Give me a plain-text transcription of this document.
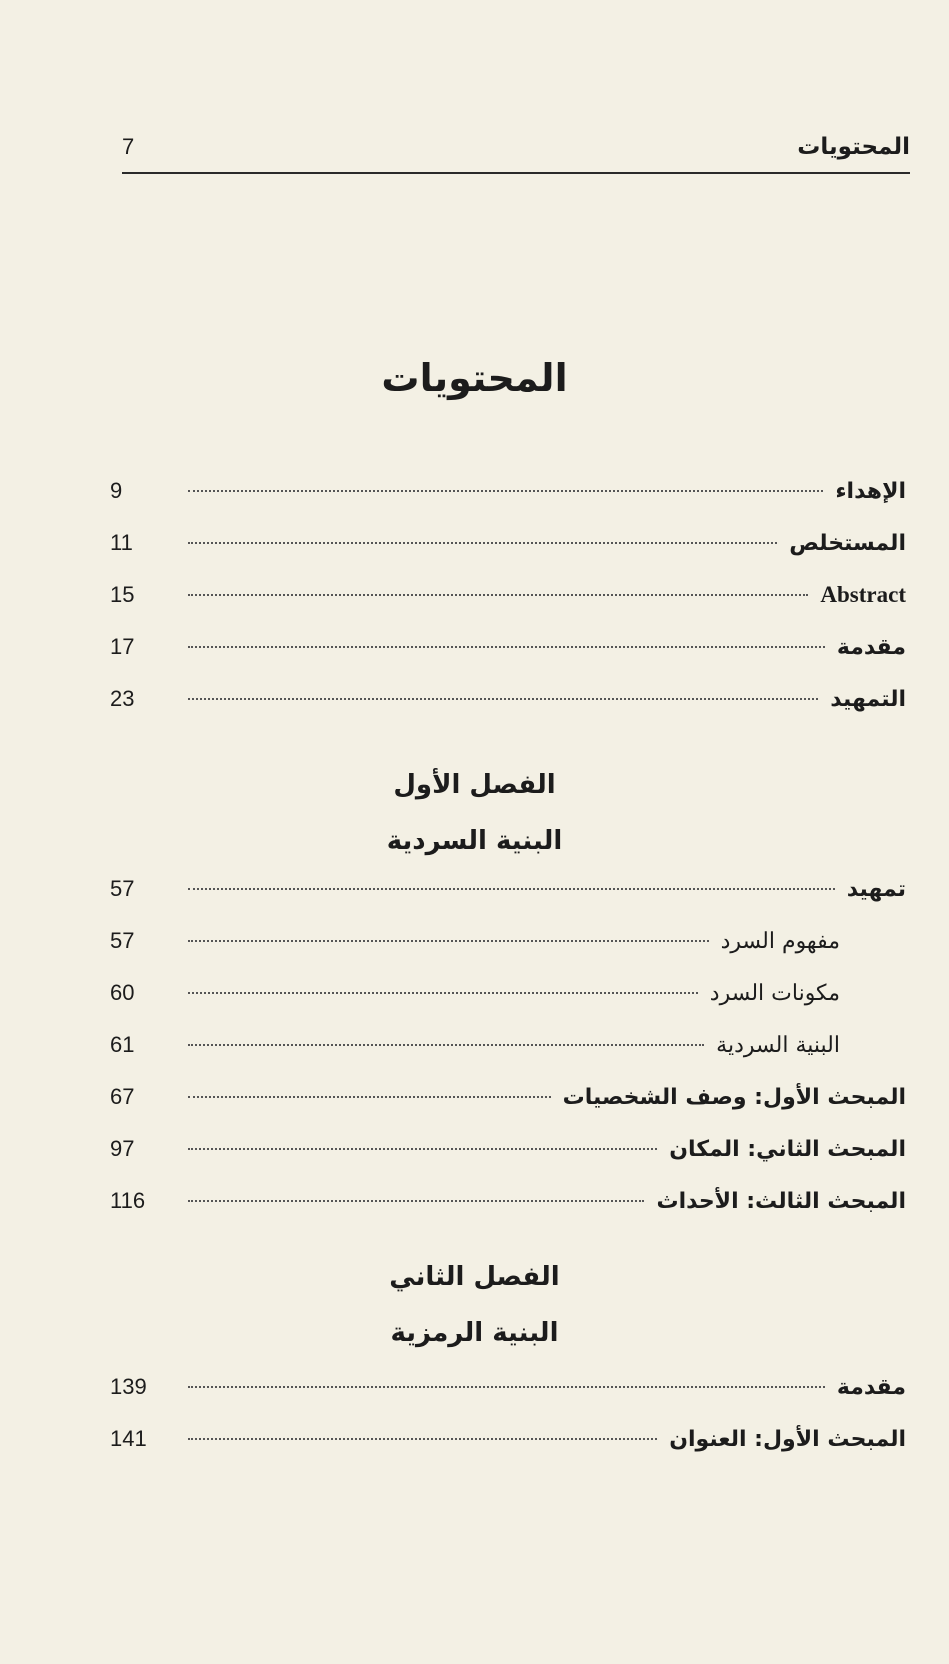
المحتويات
7
المحتويات
الإهداء
9
المستخلص
11
Abstract
15
مقدمة
17
التمهيد
23
الفصل الأول
البنية السردية
تمهيد
57
مفهوم السرد
57
مكونات السرد
60
البنية السردية
61
المبحث الأول: وصف الشخصيات
67
المبحث الثاني: المكان
97
المبحث الثالث: الأحداث
116
الفصل الثاني
البنية الرمزية
مقدمة
139
المبحث الأول: العنوان
141
